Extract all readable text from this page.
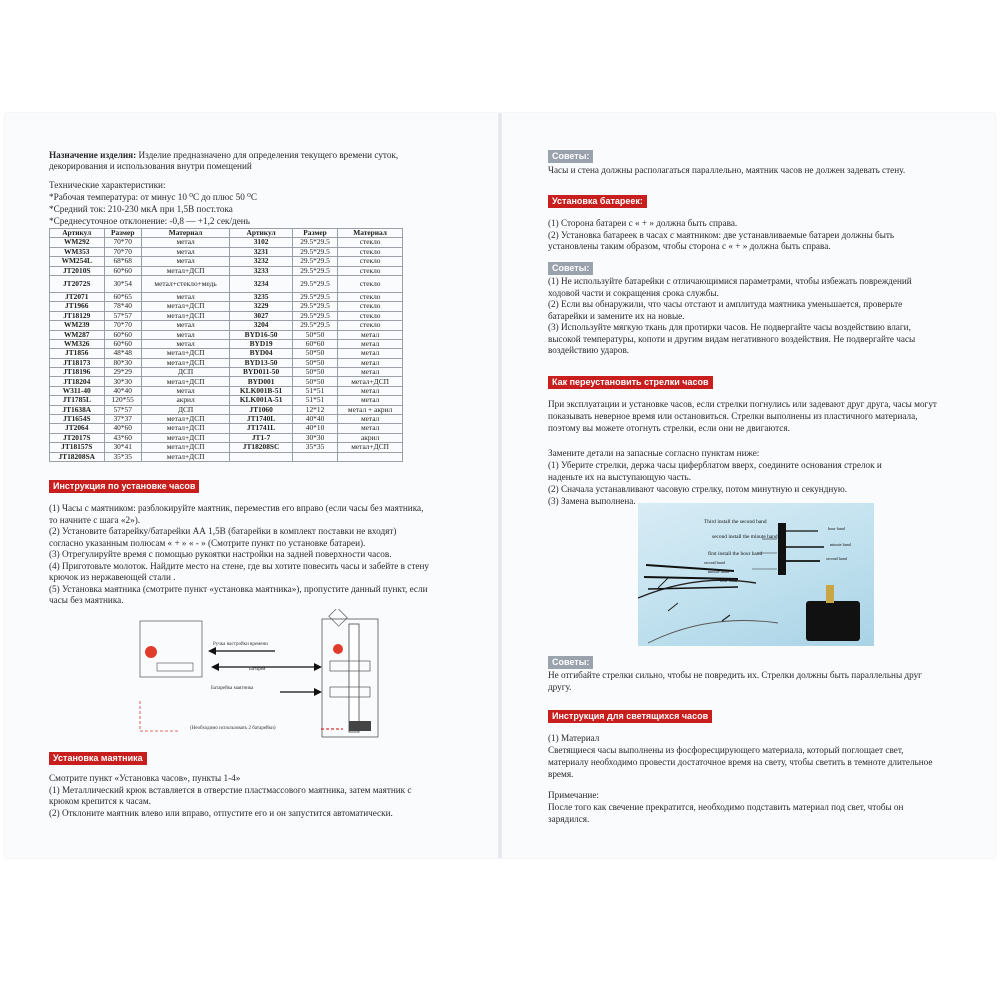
Назначение изделия: Изделие предназначено для определения текущего времени суток,
декорирования и использования внутри помещений
Технические характеристики:
*Рабочая температура: от минус 10 ⁰С до плюс 50 ⁰С
*Средний ток: 210-230 мкА при 1,5В пост.тока
*Среднесуточное отклонение: -0,8 — +1,2 сек/день
Артикул	Размер	Материал	Артикул	Размер	Материал
WM292	70*70	метал	3102	29.5*29.5	стекло
WM353	70*70	метал	3231	29.5*29.5	стекло
WM254L	68*68	метал	3232	29.5*29.5	стекло
JT2010S	60*60	метал+ДСП	3233	29.5*29.5	стекло
JT2072S	30*54	метал+стекло+медь	3234	29.5*29.5	стекло
JT2071	60*65	метал	3235	29.5*29.5	стекло
JT1966	78*40	метал+ДСП	3229	29.5*29.5	стекло
JT18129	57*57	метал+ДСП	3027	29.5*29.5	стекло
WM239	70*70	метал	3204	29.5*29.5	стекло
WM287	60*60	метал	BYD16-50	50*50	метал
WM326	60*60	метал	BYD19	60*60	метал
JT1856	48*48	метал+ДСП	BYD04	50*50	метал
JT18173	80*30	метал+ДСП	BYD13-50	50*50	метал
JT18196	29*29	ДСП	BYD011-50	50*50	метал
JT18204	30*30	метал+ДСП	BYD001	50*50	метал+ДСП
W311-40	40*40	метал	KLK001B-51	51*51	метал
JT1785L	120*55	акрил	KLK001A-51	51*51	метал
JT1638A	57*57	ДСП	JT1060	12*12	метал + акрил
JT1654S	37*37	метал+ДСП	JT1740L	40*40	метал
JT2064	40*60	метал+ДСП	JT1741L	40*10	метал
JT2017S	43*60	метал+ДСП	JT1-7	30*30	акрил
JT18157S	30*41	метал+ДСП	JT18208SC	35*35	метал+ДСП
JT18208SA	35*35	метал+ДСП			
Инструкция по установке часов
(1) Часы с маятником: разблокируйте маятник, переместив его вправо (если часы без маятника,
то начните с шага «2»).
(2) Установите батарейку/батарейки АА 1,5В (батарейки в комплект поставки не входят)
согласно указанным полюсам « + » « - » (Смотрите пункт по установке батареи).
(3) Отрегулируйте время с помощью рукоятки настройки на задней поверхности часов.
(4) Приготовьте молоток. Найдите место на стене, где вы хотите повесить часы и забейте в стену
крючок из нержавеющей стали .
(5) Установка маятника (смотрите пункт «установка маятника»), пропустите данный пункт, если
часы без маятника.
Ручка настройки времени
Батарея
Батарейка маятника
(Необходимо использовать 2 батарейки)
Установка маятника
Смотрите пункт «Установка часов», пункты 1-4»
(1) Металлический крюк вставляется в отверстие пластмассового маятника, затем маятник с
крюком крепится к часам.
(2) Отклоните маятник влево или вправо, отпустите его и он запустится автоматически.
Советы:
Часы и стена должны располагаться параллельно, маятник часов не должен задевать стену.
Установка батареек:
(1) Сторона батареи с « + » должна быть справа.
(2) Установка батареек в часах с маятником: две устанавливаемые батареи должны быть
установлены таким образом, чтобы сторона с « + » должна быть справа.
Советы:
(1) Не используйте батарейки с отличающимися параметрами, чтобы избежать повреждений
ходовой части и сокращения срока службы.
(2) Если вы обнаружили, что часы отстают и амплитуда маятника уменьшается, проверьте
батарейки и замените их на новые.
(3) Используйте мягкую ткань для протирки часов. Не подвергайте часы воздействию влаги,
высокой температуры, копоти и другим видам негативного воздействия. Не подвергайте часы
воздействию ударов.
Как переустановить стрелки часов
При эксплуатации и установке часов, если стрелки погнулись или задевают друг друга, часы могут
показывать неверное время или остановиться. Стрелки выполнены из пластичного материала,
поэтому вы можете отогнуть стрелки, если они не двигаются.
Замените детали на запасные согласно пунктам ниже:
(1) Уберите стрелки, держа часы циферблатом вверх, соедините основания стрелок и
наденьте их на выступающую часть.
(2) Сначала устанавливают часовую стрелку, потом минутную и секундную.
(3) Замена выполнена.
Third install the second hand
second install the minute hand
first install the hour hand
second hand
minute hand
hour hand
hour hand
minute hand
second hand
Советы:
Не отгибайте стрелки сильно, чтобы не повредить их. Стрелки должны быть параллельны друг
другу.
Инструкция для светящихся часов
(1) Материал
Светящиеся часы выполнены из фосфоресцирующего материала, который поглощает свет,
материалу необходимо провести достаточное время на свету, чтобы светить в темноте длительное
время.
Примечание:
После того как свечение прекратится, необходимо подставить материал под свет, чтобы он
зарядился.
